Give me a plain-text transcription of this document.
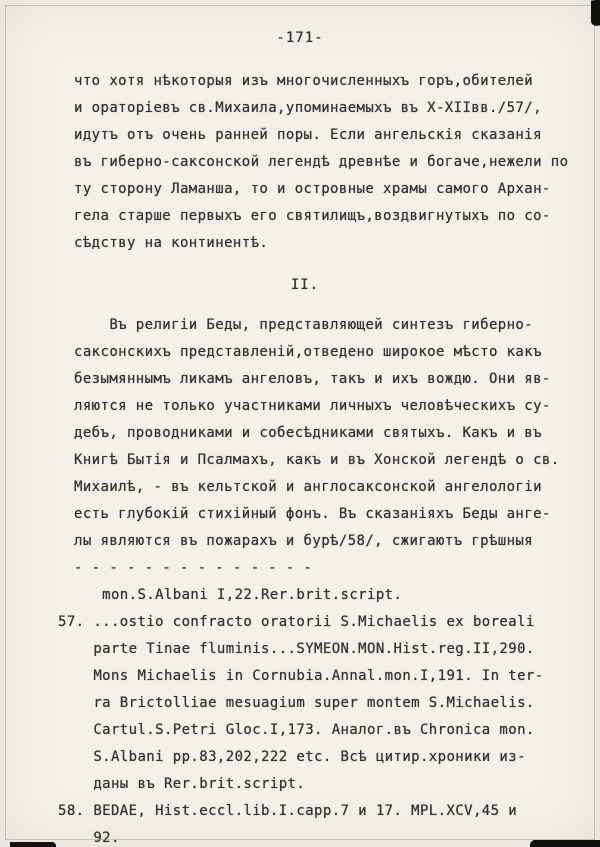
-171-
что хотя нѣкоторыя изъ многочисленныхъ горъ,обителей
и ораторіевъ св.Михаила,упоминаемыхъ въ X-XIIвв./57/,
идутъ отъ очень ранней поры. Если ангельскія сказанія
въ гиберно-саксонской легендѣ древнѣе и богаче,нежели по
ту сторону Ламанша, то и островные храмы самого Архан-
гела старше первыхъ его святилищъ,воздвигнутыхъ по со-
сѣдству на континентѣ.
II.
Въ религіи Беды, представляющей синтезъ гиберно-
саксонскихъ представленій,отведено широкое мѣсто какъ
безымяннымъ ликамъ ангеловъ, такъ и ихъ вождю. Они яв-
ляются не только участниками личныхъ человѣческихъ су-
дебъ, проводниками и собесѣдниками святыхъ. Какъ и въ
Книгѣ Бытія и Псалмахъ, какъ и въ Хонской легендѣ о св.
Михаилѣ, - въ кельтской и англосаксонской ангелологіи
есть глубокій стихійный фонъ. Въ сказаніяхъ Беды анге-
лы являются въ пожарахъ и бурѣ/58/, сжигаютъ грѣшныя
- - - - - - - - - - - - - -
mon.S.Albani I,22.Rer.brit.script.
57. ...ostio confracto oratorii S.Michaelis ex boreali
parte Tinae fluminis...SYMEON.MON.Hist.reg.II,290.
Mons Michaelis in Cornubia.Annal.mon.I,191. In ter-
ra Brictolliae mesuagium super montem S.Michaelis.
Cartul.S.Petri Gloc.I,173. Аналог.въ Chronica mon.
S.Albani pp.83,202,222 etc. Всѣ цитир.хроники из-
даны въ Rer.brit.script.
58. BEDAE, Hist.eccl.lib.I.capp.7 и 17. MPL.XCV,45 и
92.
